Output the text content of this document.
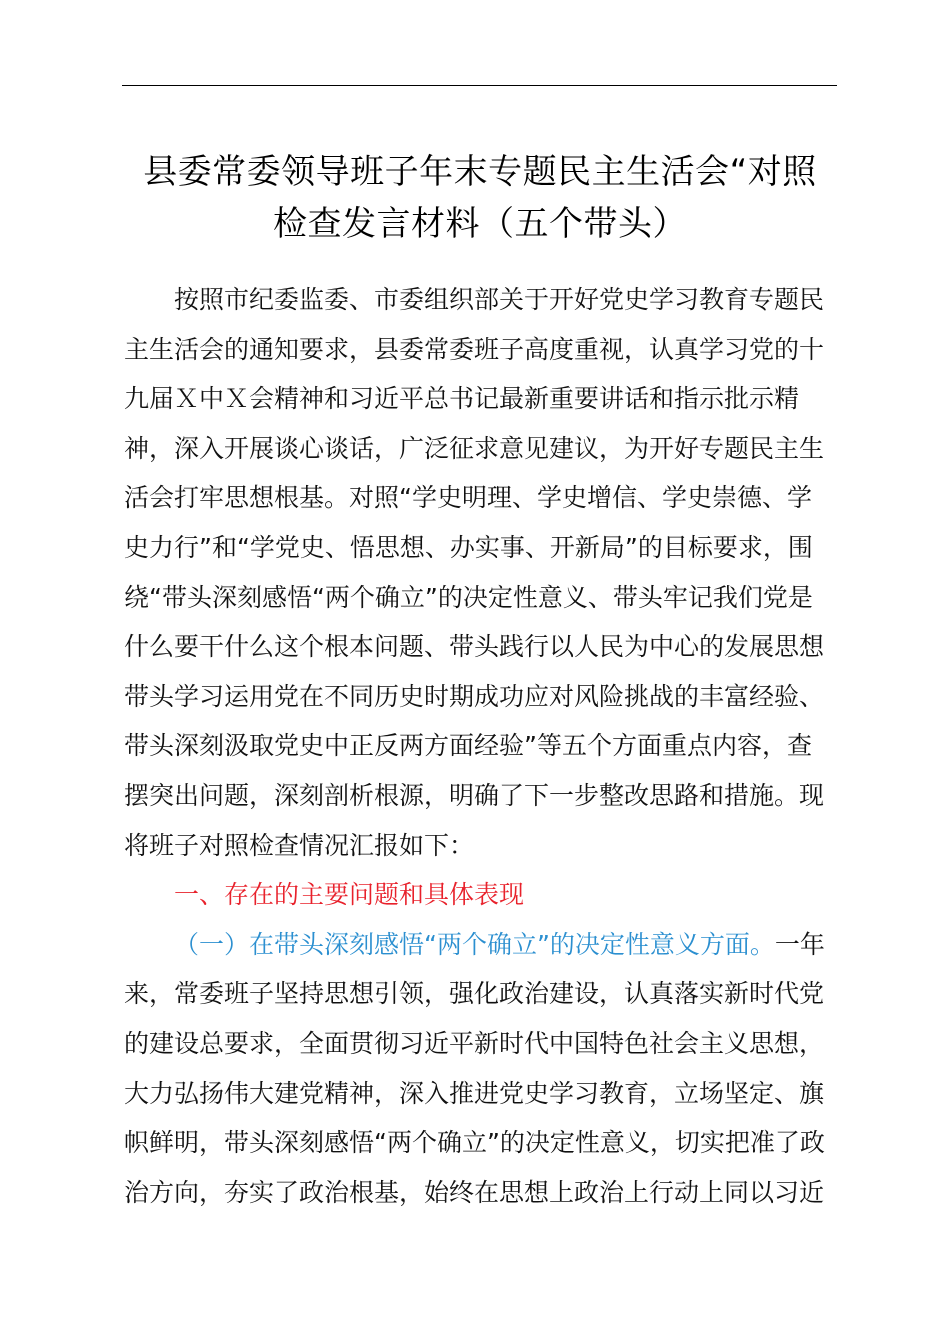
县委常委领导班子年末专题民主生活会“对照
检查发言材料（五个带头）
按照市纪委监委、市委组织部关于开好党史学习教育专题民
主生活会的通知要求，县委常委班子高度重视，认真学习党的十
九届Ｘ中Ｘ会精神和习近平总书记最新重要讲话和指示批示精
神，深入开展谈心谈话，广泛征求意见建议，为开好专题民主生
活会打牢思想根基。对照“学史明理、学史增信、学史崇德、学
史力行”和“学党史、悟思想、办实事、开新局”的目标要求，围
绕“带头深刻感悟“两个确立”的决定性意义、带头牢记我们党是
什么要干什么这个根本问题、带头践行以人民为中心的发展思想
带头学习运用党在不同历史时期成功应对风险挑战的丰富经验、
带头深刻汲取党史中正反两方面经验”等五个方面重点内容，查
摆突出问题，深刻剖析根源，明确了下一步整改思路和措施。现
将班子对照检查情况汇报如下：
一、存在的主要问题和具体表现
（一）在带头深刻感悟“两个确立”的决定性意义方面。一年
来，常委班子坚持思想引领，强化政治建设，认真落实新时代党
的建设总要求，全面贯彻习近平新时代中国特色社会主义思想，
大力弘扬伟大建党精神，深入推进党史学习教育，立场坚定、旗
帜鲜明，带头深刻感悟“两个确立”的决定性意义，切实把准了政
治方向，夯实了政治根基，始终在思想上政治上行动上同以习近
